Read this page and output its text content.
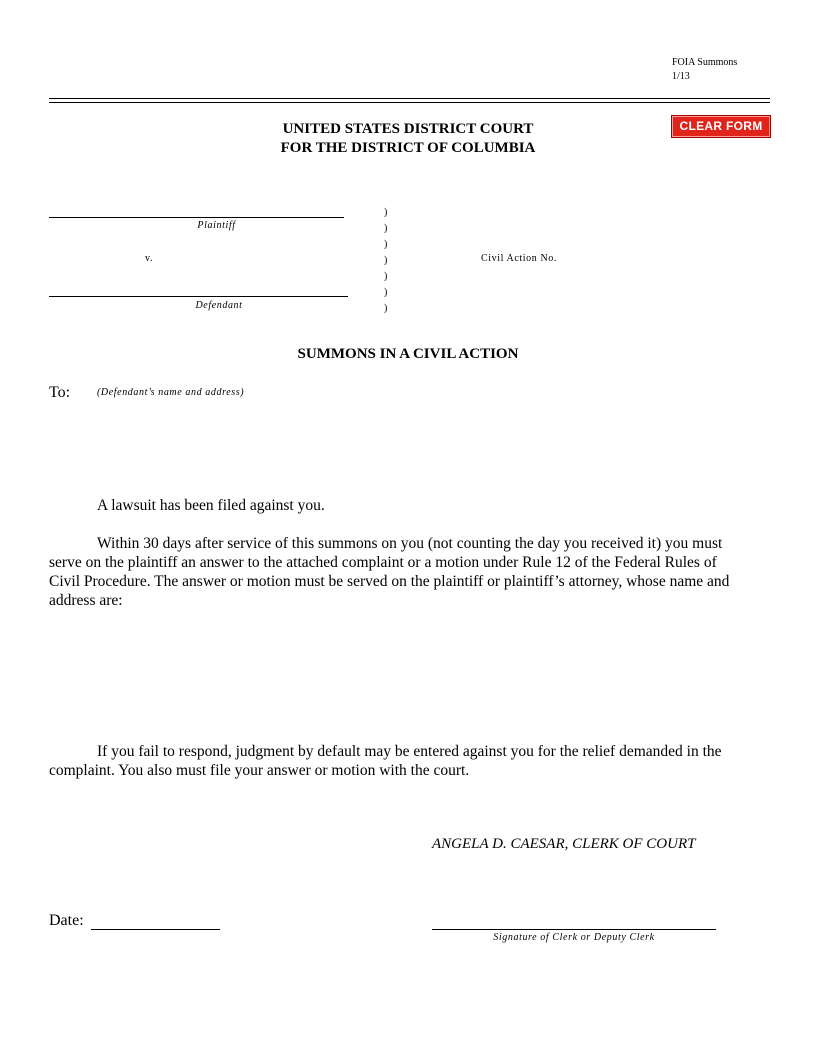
FOIA Summons
1/13
UNITED STATES DISTRICT COURT
FOR THE DISTRICT OF COLUMBIA
CLEAR FORM
Plaintiff
v.
Defendant
)
)
)
)
)
)
)
Civil Action No.
SUMMONS IN A CIVIL ACTION
To:	(Defendant’s name and address)
A lawsuit has been filed against you.
Within 30 days after service of this summons on you (not counting the day you received it) you must
serve on the plaintiff an answer to the attached complaint or a motion under Rule 12 of the Federal Rules of
Civil Procedure. The answer or motion must be served on the plaintiff or plaintiff’s attorney, whose name and
address are:
If you fail to respond, judgment by default may be entered against you for the relief demanded in the
complaint. You also must file your answer or motion with the court.
ANGELA D. CAESAR, CLERK OF COURT
Date:
Signature of Clerk or Deputy Clerk
